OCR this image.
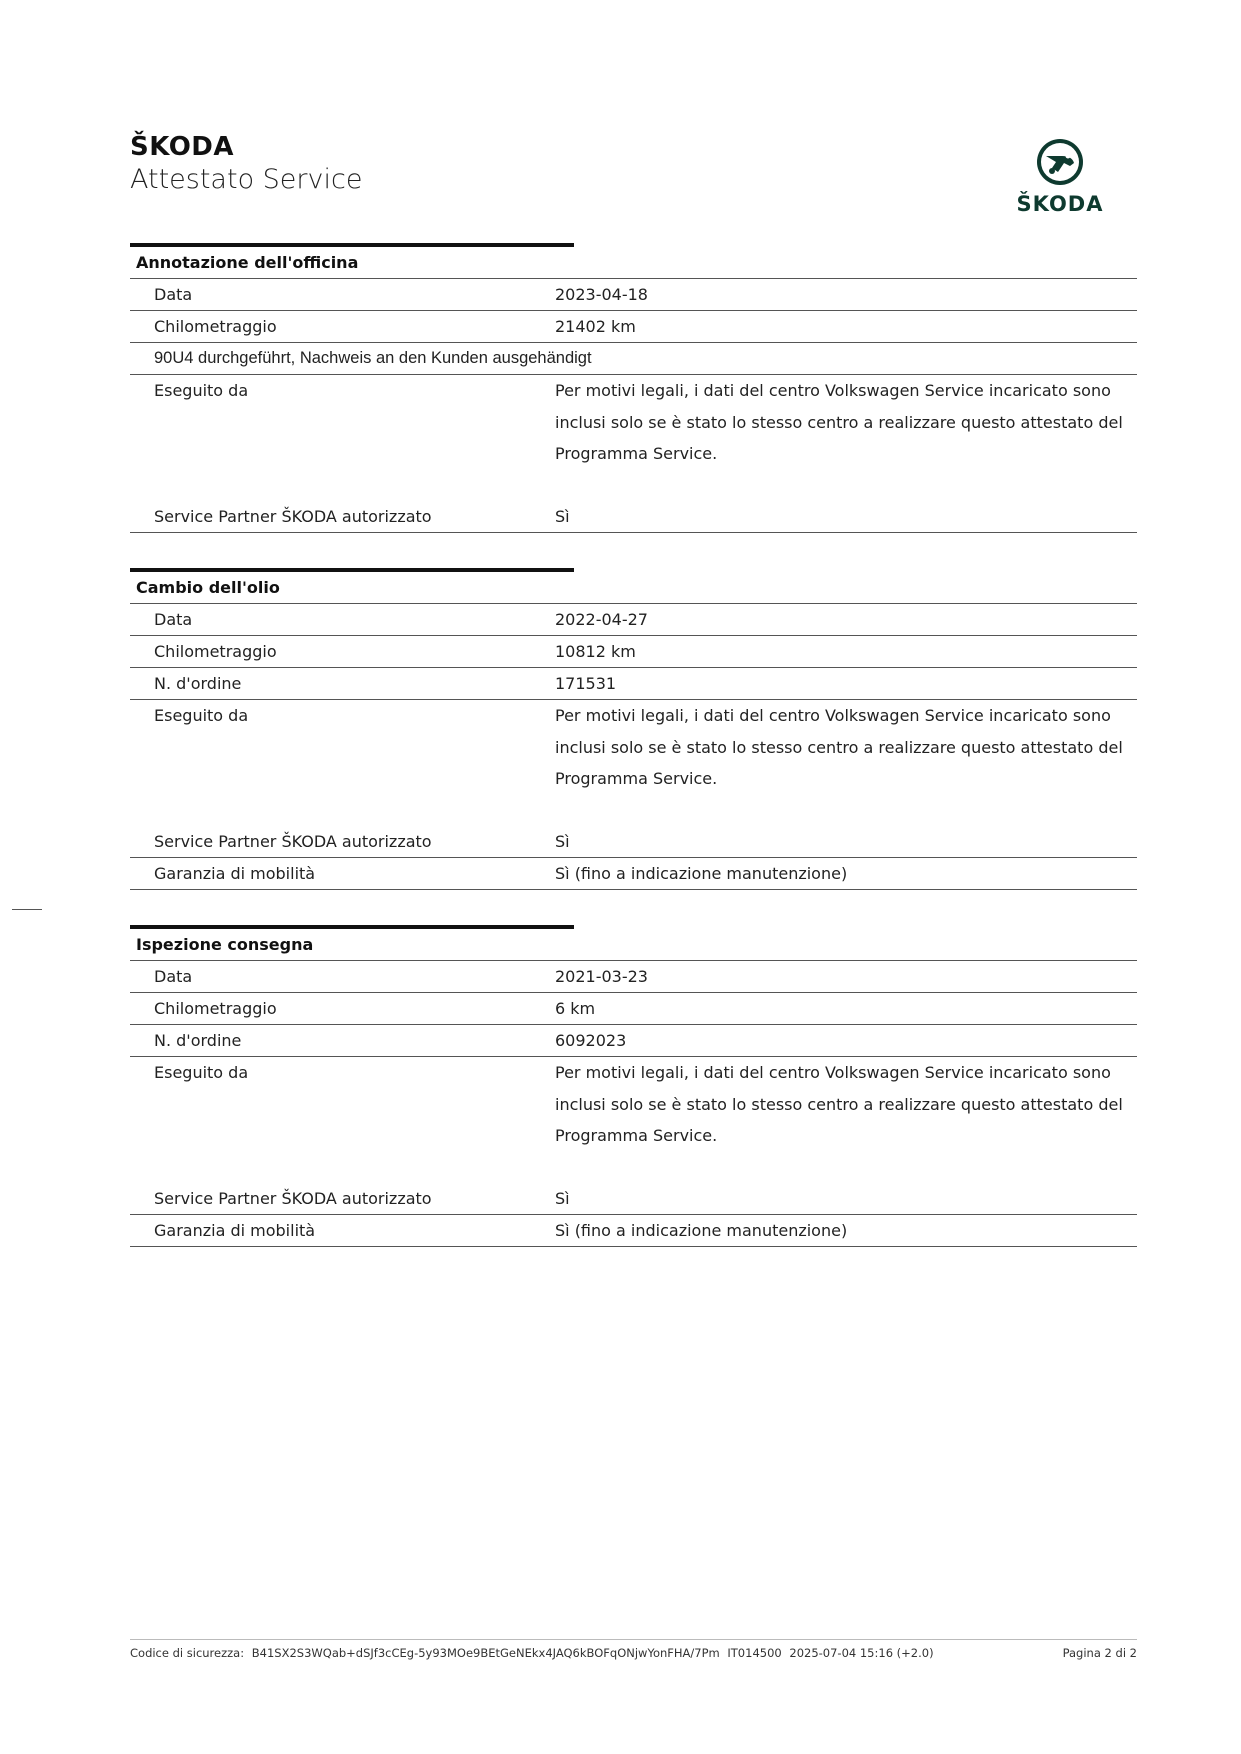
ŠKODA
Attestato Service
ŠKODA
Annotazione dell'officina
Data	2023-04-18
Chilometraggio	21402 km
90U4 durchgeführt, Nachweis an den Kunden ausgehändigt
Eseguito da	Per motivi legali, i dati del centro Volkswagen Service incaricato sono inclusi solo se è stato lo stesso centro a realizzare questo attestato del Programma Service.
Service Partner ŠKODA autorizzato	Sì
Cambio dell'olio
Data	2022-04-27
Chilometraggio	10812 km
N. d'ordine	171531
Eseguito da	Per motivi legali, i dati del centro Volkswagen Service incaricato sono inclusi solo se è stato lo stesso centro a realizzare questo attestato del Programma Service.
Service Partner ŠKODA autorizzato	Sì
Garanzia di mobilità	Sì (fino a indicazione manutenzione)
Ispezione consegna
Data	2021-03-23
Chilometraggio	6 km
N. d'ordine	6092023
Eseguito da	Per motivi legali, i dati del centro Volkswagen Service incaricato sono inclusi solo se è stato lo stesso centro a realizzare questo attestato del Programma Service.
Service Partner ŠKODA autorizzato	Sì
Garanzia di mobilità	Sì (fino a indicazione manutenzione)
Codice di sicurezza: B41SX2S3WQab+dSJf3cCEg-5y93MOe9BEtGeNEkx4JAQ6kBOFqONjwYonFHA/7Pm IT014500 2025-07-04 15:16 (+2.0)	Pagina 2 di 2
